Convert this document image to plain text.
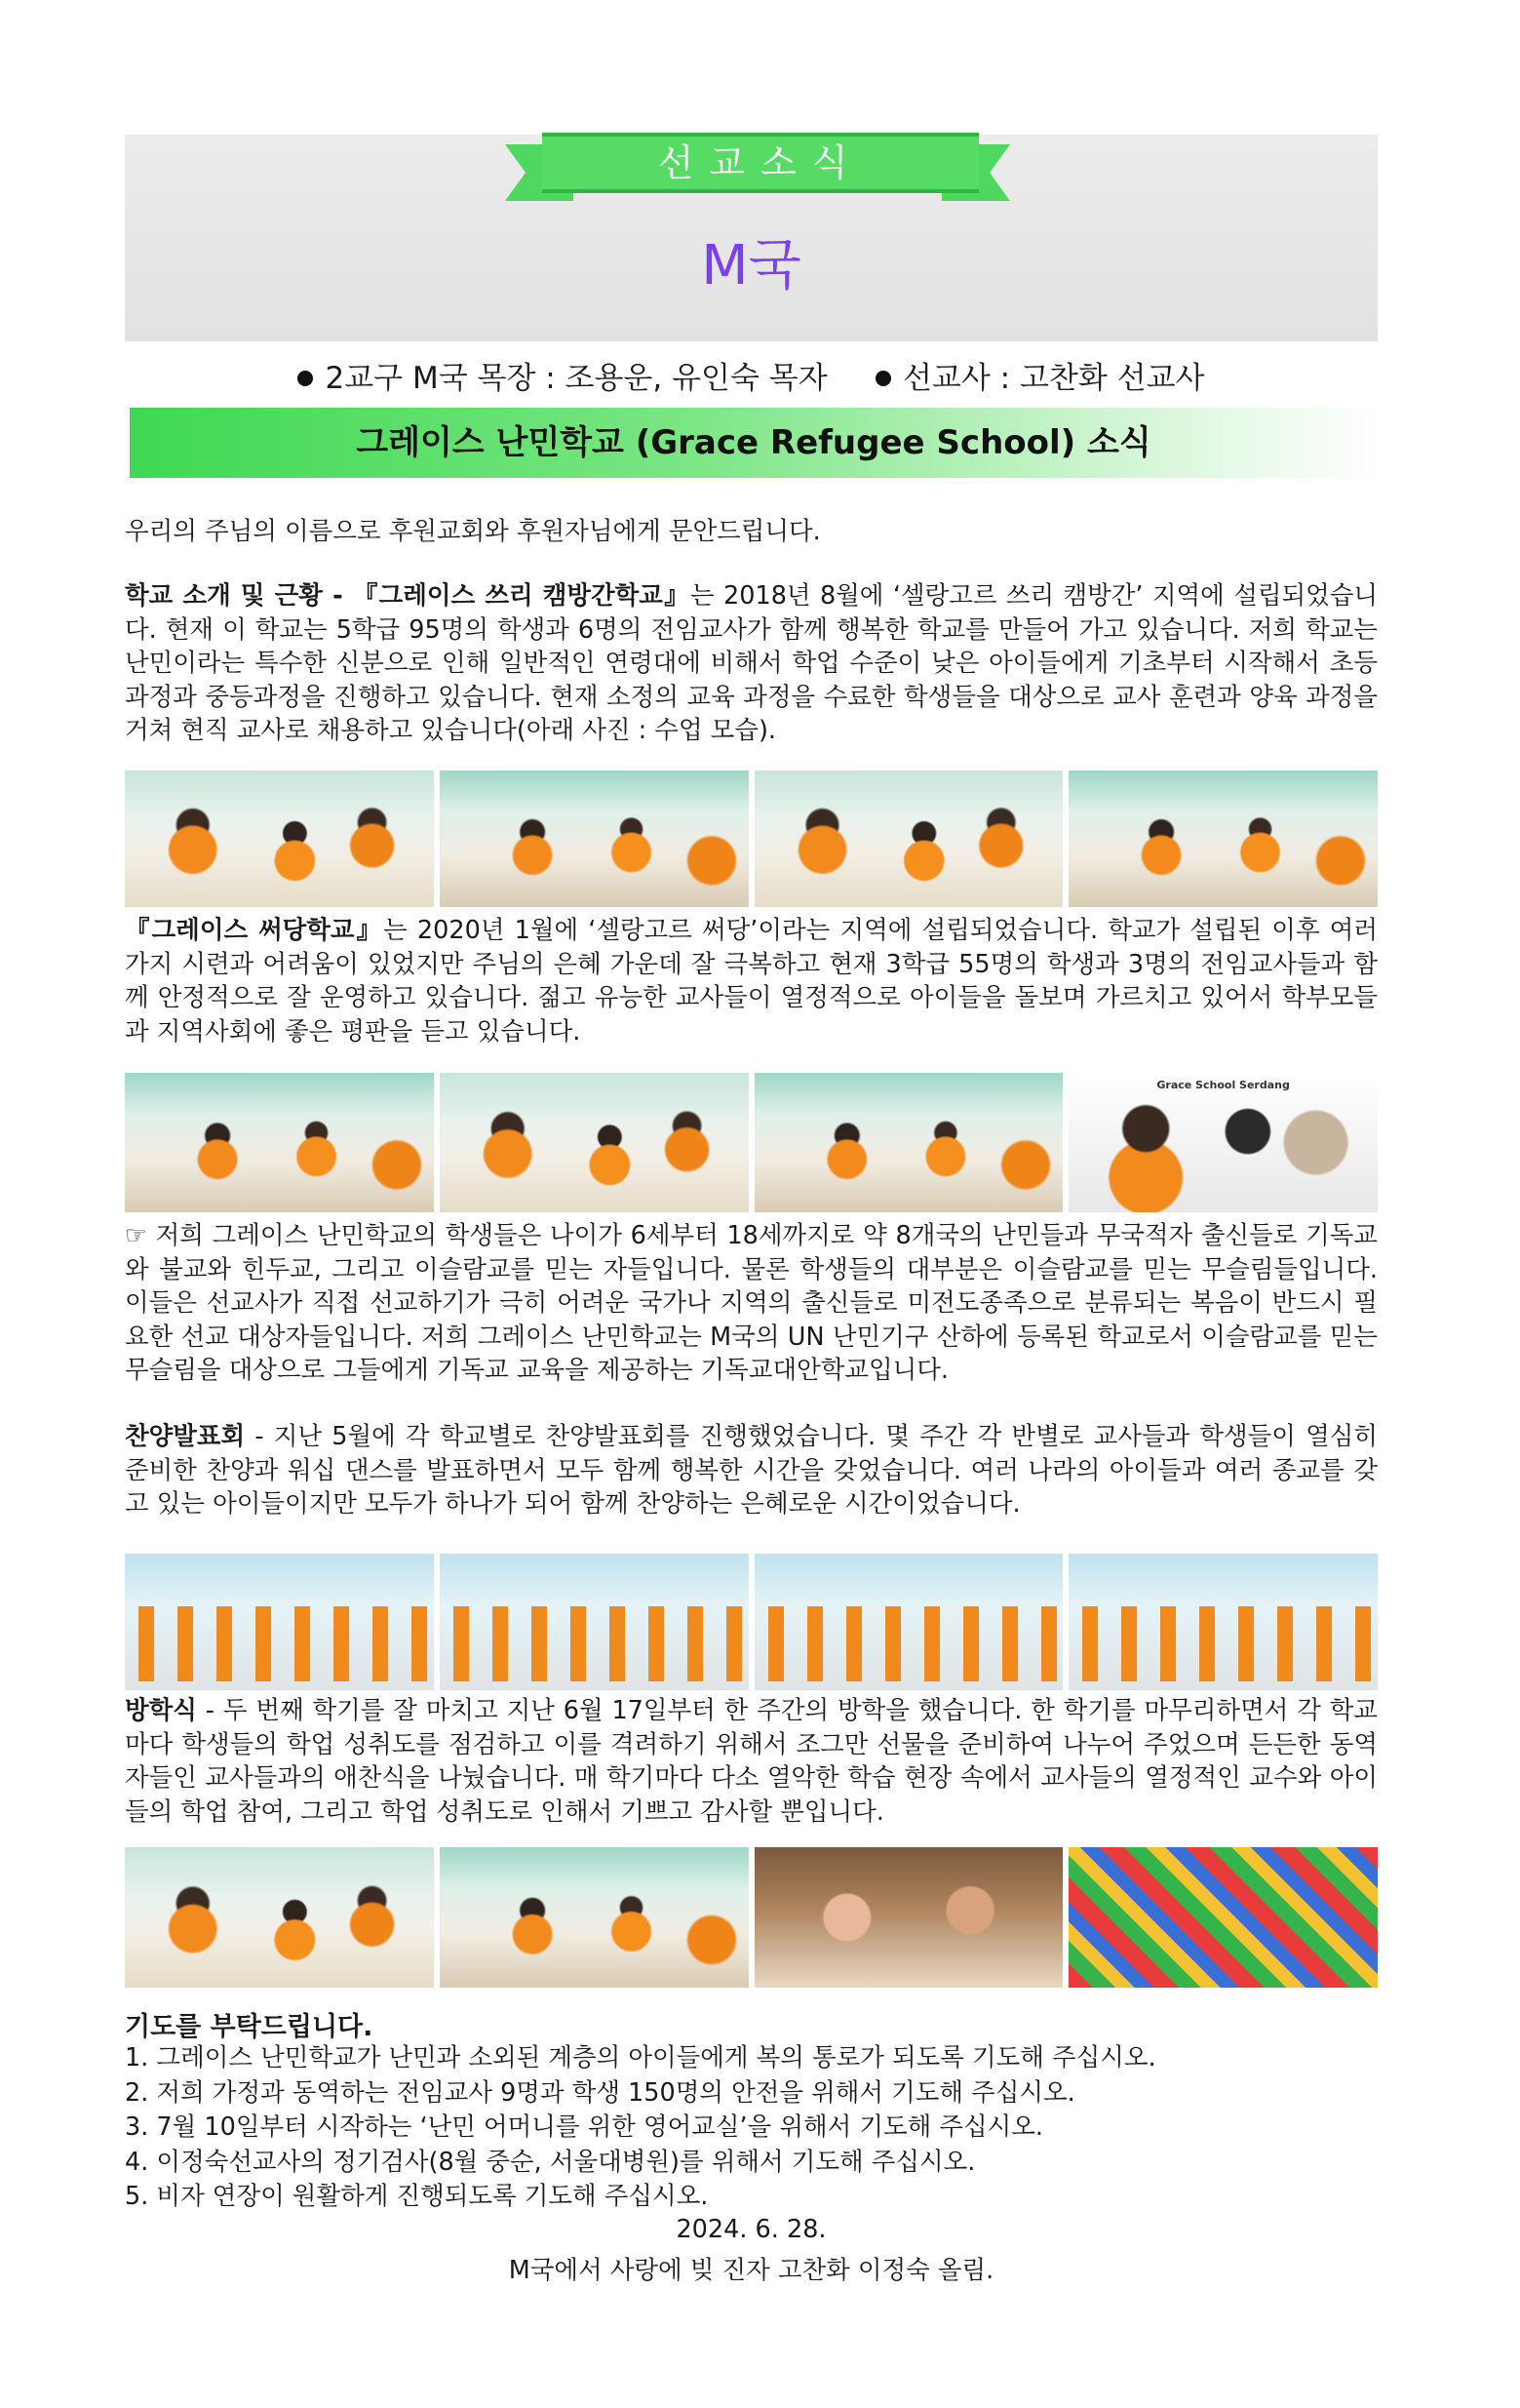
선교소식
M국
2교구 M국 목장 : 조용운, 유인숙 목자 선교사 : 고찬화 선교사
그레이스 난민학교 (Grace Refugee School) 소식
우리의 주님의 이름으로 후원교회와 후원자님에게 문안드립니다.
학교 소개 및 근황 - 『그레이스 쓰리 캠방간학교』는 2018년 8월에 ‘셀랑고르 쓰리 캠방간’ 지역에 설립되었습니다. 현재 이 학교는 5학급 95명의 학생과 6명의 전임교사가 함께 행복한 학교를 만들어 가고 있습니다. 저희 학교는 난민이라는 특수한 신분으로 인해 일반적인 연령대에 비해서 학업 수준이 낮은 아이들에게 기초부터 시작해서 초등과정과 중등과정을 진행하고 있습니다. 현재 소정의 교육 과정을 수료한 학생들을 대상으로 교사 훈련과 양육 과정을 거쳐 현직 교사로 채용하고 있습니다(아래 사진 : 수업 모습).
『그레이스 써당학교』는 2020년 1월에 ‘셀랑고르 써당’이라는 지역에 설립되었습니다. 학교가 설립된 이후 여러 가지 시련과 어려움이 있었지만 주님의 은혜 가운데 잘 극복하고 현재 3학급 55명의 학생과 3명의 전임교사들과 함께 안정적으로 잘 운영하고 있습니다. 젊고 유능한 교사들이 열정적으로 아이들을 돌보며 가르치고 있어서 학부모들과 지역사회에 좋은 평판을 듣고 있습니다.
Grace School Serdang
☞ 저희 그레이스 난민학교의 학생들은 나이가 6세부터 18세까지로 약 8개국의 난민들과 무국적자 출신들로 기독교와 불교와 힌두교, 그리고 이슬람교를 믿는 자들입니다. 물론 학생들의 대부분은 이슬람교를 믿는 무슬림들입니다. 이들은 선교사가 직접 선교하기가 극히 어려운 국가나 지역의 출신들로 미전도종족으로 분류되는 복음이 반드시 필요한 선교 대상자들입니다. 저희 그레이스 난민학교는 M국의 UN 난민기구 산하에 등록된 학교로서 이슬람교를 믿는 무슬림을 대상으로 그들에게 기독교 교육을 제공하는 기독교대안학교입니다.
찬양발표회 - 지난 5월에 각 학교별로 찬양발표회를 진행했었습니다. 몇 주간 각 반별로 교사들과 학생들이 열심히 준비한 찬양과 워십 댄스를 발표하면서 모두 함께 행복한 시간을 갖었습니다. 여러 나라의 아이들과 여러 종교를 갖고 있는 아이들이지만 모두가 하나가 되어 함께 찬양하는 은혜로운 시간이었습니다.
방학식 - 두 번째 학기를 잘 마치고 지난 6월 17일부터 한 주간의 방학을 했습니다. 한 학기를 마무리하면서 각 학교마다 학생들의 학업 성취도를 점검하고 이를 격려하기 위해서 조그만 선물을 준비하여 나누어 주었으며 든든한 동역자들인 교사들과의 애찬식을 나눴습니다. 매 학기마다 다소 열악한 학습 현장 속에서 교사들의 열정적인 교수와 아이들의 학업 참여, 그리고 학업 성취도로 인해서 기쁘고 감사할 뿐입니다.
기도를 부탁드립니다.
1. 그레이스 난민학교가 난민과 소외된 계층의 아이들에게 복의 통로가 되도록 기도해 주십시오.
2. 저희 가정과 동역하는 전임교사 9명과 학생 150명의 안전을 위해서 기도해 주십시오.
3. 7월 10일부터 시작하는 ‘난민 어머니를 위한 영어교실’을 위해서 기도해 주십시오.
4. 이정숙선교사의 정기검사(8월 중순, 서울대병원)를 위해서 기도해 주십시오.
5. 비자 연장이 원활하게 진행되도록 기도해 주십시오.
2024. 6. 28.
M국에서 사랑에 빚 진자 고찬화 이정숙 올림.
